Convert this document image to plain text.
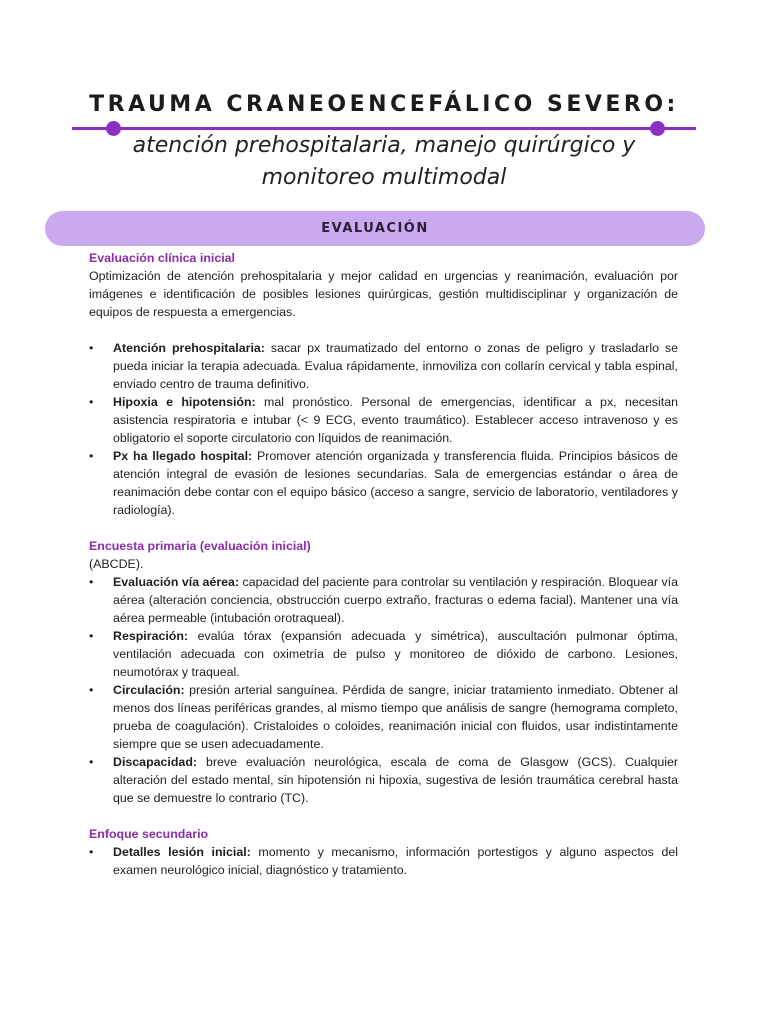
TRAUMA CRANEOENCEFÁLICO SEVERO:
atención prehospitalaria, manejo quirúrgico y
monitoreo multimodal
EVALUACIÓN
Evaluación clínica inicial
Optimización de atención prehospitalaria y mejor calidad en urgencias y reanimación, evaluación por imágenes e identificación de posibles lesiones quirúrgicas, gestión multidisciplinar y organización de equipos de respuesta a emergencias.
• Atención prehospitalaria: sacar px traumatizado del entorno o zonas de peligro y trasladarlo se pueda iniciar la terapia adecuada. Evalua rápidamente, inmoviliza con collarín cervical y tabla espinal, enviado centro de trauma definitivo.
• Hipoxia e hipotensión: mal pronóstico. Personal de emergencias, identificar a px, necesitan asistencia respiratoria e intubar (< 9 ECG, evento traumático). Establecer acceso intravenoso y es obligatorio el soporte circulatorio con líquidos de reanimación.
• Px ha llegado hospital: Promover atención organizada y transferencia fluida. Principios básicos de atención integral de evasión de lesiones secundarias. Sala de emergencias estándar o área de reanimación debe contar con el equipo básico (acceso a sangre, servicio de laboratorio, ventiladores y radiología).
Encuesta primaria (evaluación inicial)
(ABCDE).
• Evaluación vía aérea: capacidad del paciente para controlar su ventilación y respiración. Bloquear vía aérea (alteración conciencia, obstrucción cuerpo extraño, fracturas o edema facial). Mantener una vía aérea permeable (intubación orotraqueal).
• Respiración: evalúa tórax (expansión adecuada y simétrica), auscultación pulmonar óptima, ventilación adecuada con oximetría de pulso y monitoreo de dióxido de carbono. Lesiones, neumotórax y traqueal.
• Circulación: presión arterial sanguínea. Pérdida de sangre, iniciar tratamiento inmediato. Obtener al menos dos líneas periféricas grandes, al mismo tiempo que análisis de sangre (hemograma completo, prueba de coagulación). Cristaloides o coloides, reanimación inicial con fluidos, usar indistintamente siempre que se usen adecuadamente.
• Discapacidad: breve evaluación neurológica, escala de coma de Glasgow (GCS). Cualquier alteración del estado mental, sin hipotensión ni hipoxia, sugestiva de lesión traumática cerebral hasta que se demuestre lo contrario (TC).
Enfoque secundario
• Detalles lesión inicial: momento y mecanismo, información portestigos y alguno aspectos del examen neurológico inicial, diagnóstico y tratamiento.
